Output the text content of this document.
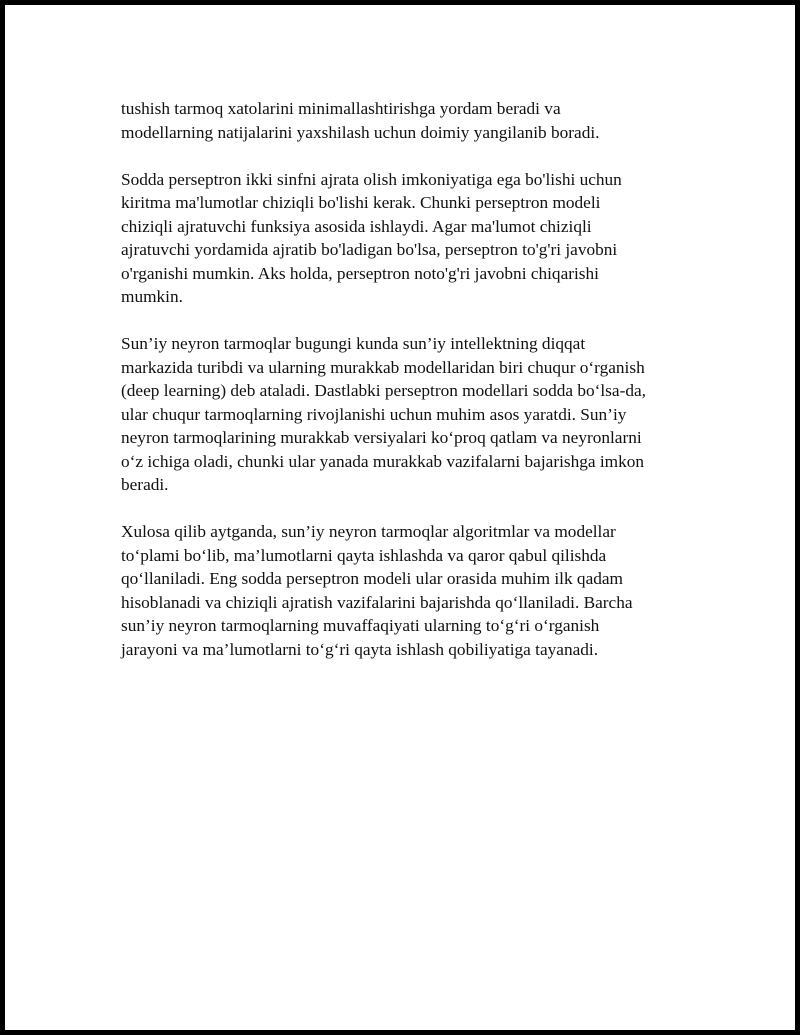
tushish tarmoq xatolarini minimallashtirishga yordam beradi va
modellarning natijalarini yaxshilash uchun doimiy yangilanib boradi.

Sodda perseptron ikki sinfni ajrata olish imkoniyatiga ega bo'lishi uchun
kiritma ma'lumotlar chiziqli bo'lishi kerak. Chunki perseptron modeli
chiziqli ajratuvchi funksiya asosida ishlaydi. Agar ma'lumot chiziqli
ajratuvchi yordamida ajratib bo'ladigan bo'lsa, perseptron to'g'ri javobni
o'rganishi mumkin. Aks holda, perseptron noto'g'ri javobni chiqarishi
mumkin.

Sun’iy neyron tarmoqlar bugungi kunda sun’iy intellektning diqqat
markazida turibdi va ularning murakkab modellaridan biri chuqur o‘rganish
(deep learning) deb ataladi. Dastlabki perseptron modellari sodda bo‘lsa-da,
ular chuqur tarmoqlarning rivojlanishi uchun muhim asos yaratdi. Sun’iy
neyron tarmoqlarining murakkab versiyalari ko‘proq qatlam va neyronlarni
o‘z ichiga oladi, chunki ular yanada murakkab vazifalarni bajarishga imkon
beradi.

Xulosa qilib aytganda, sun’iy neyron tarmoqlar algoritmlar va modellar
to‘plami bo‘lib, ma’lumotlarni qayta ishlashda va qaror qabul qilishda
qo‘llaniladi. Eng sodda perseptron modeli ular orasida muhim ilk qadam
hisoblanadi va chiziqli ajratish vazifalarini bajarishda qo‘llaniladi. Barcha
sun’iy neyron tarmoqlarning muvaffaqiyati ularning to‘g‘ri o‘rganish
jarayoni va ma’lumotlarni to‘g‘ri qayta ishlash qobiliyatiga tayanadi.
